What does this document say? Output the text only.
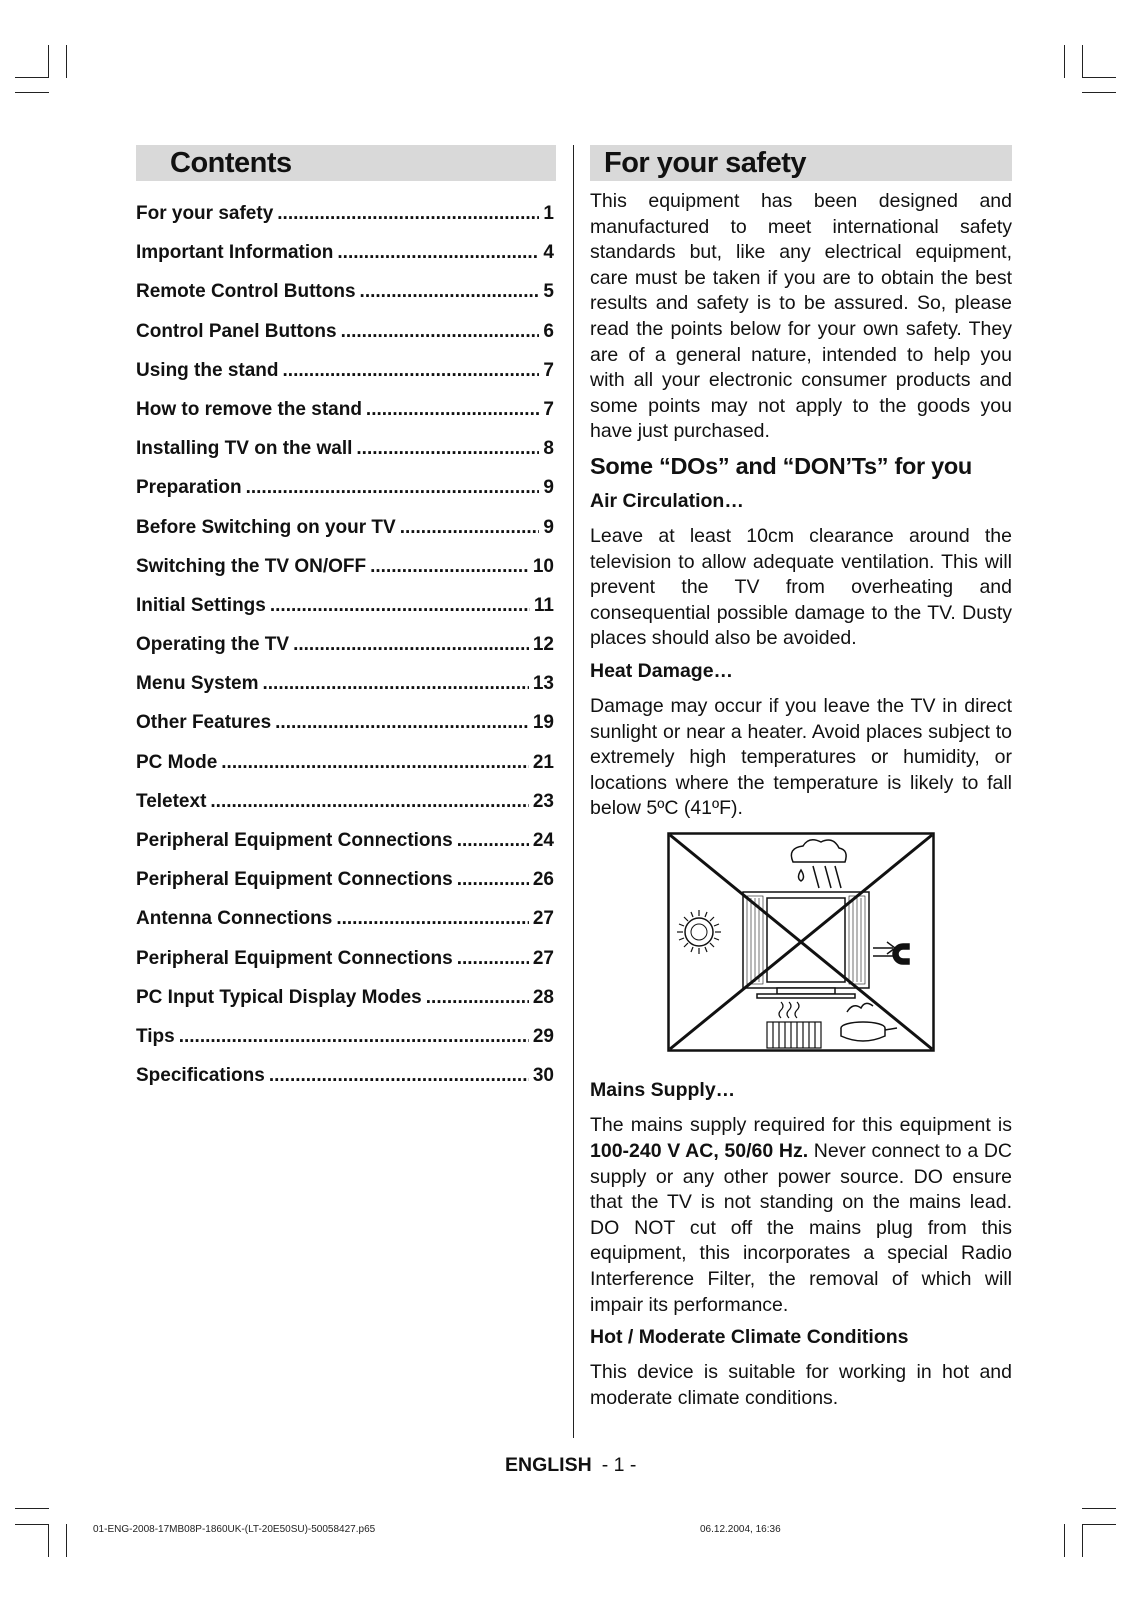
Contents
For your safety .....	1
Important Information .....	4
Remote Control Buttons .....	5
Control Panel Buttons .....	6
Using the stand .....	7
How to remove the stand .....	7
Installing TV on the wall .....	8
Preparation .....	9
Before Switching on your TV .....	9
Switching the TV ON/OFF .....	10
Initial Settings .....	11
Operating the TV .....	12
Menu System .....	13
Other Features .....	19
PC Mode .....	21
Teletext .....	23
Peripheral Equipment Connections .....	24
Peripheral Equipment Connections .....	26
Antenna Connections .....	27
Peripheral Equipment Connections .....	27
PC Input Typical Display Modes .....	28
Tips .....	29
Specifications .....	30
For your safety

This equipment has been designed and manufactured to meet international safety standards but, like any electrical equipment, care must be taken if you are to obtain the best results and safety is to be assured. So, please read the points below for your own safety. They are of a general nature, intended to help you with all your electronic consumer products and some points may not apply to the goods you have just purchased.

Some “DOs” and “DON’Ts” for you
Air Circulation…

Leave at least 10cm clearance around the television to allow adequate ventilation. This will prevent the TV from overheating and consequential possible damage to the TV. Dusty places should also be avoided.

Heat Damage…

Damage may occur if you leave the TV in direct sunlight or near a heater. Avoid places subject to extremely high temperatures or humidity, or locations where the temperature is likely to fall below 5ºC (41ºF).

Mains Supply…

The mains supply required for this equipment is 100-240 V AC, 50/60 Hz. Never connect to a DC supply or any other power source. DO ensure that the TV is not standing on the mains lead. DO NOT cut off the mains plug from this equipment, this incorporates a special Radio Interference Filter, the removal of which will impair its performance.

Hot / Moderate Climate Conditions

This device is suitable for working in hot and moderate climate conditions.

ENGLISH - 1 -
01-ENG-2008-17MB08P-1860UK-(LT-20E50SU)-50058427.p65	06.12.2004, 16:36
